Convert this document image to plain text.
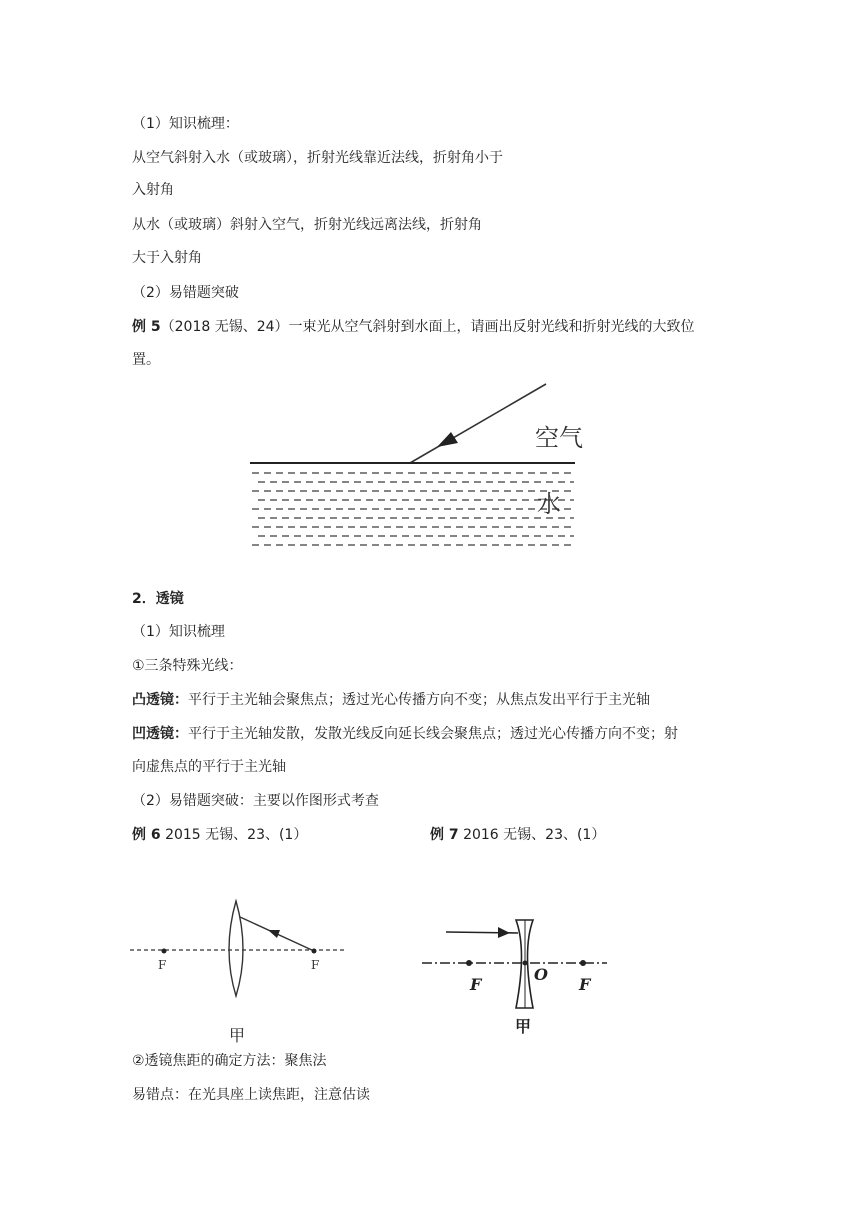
（1）知识梳理：
从空气斜射入水（或玻璃），折射光线靠近法线，折射角小于
入射角
从水（或玻璃）斜射入空气，折射光线远离法线，折射角
大于入射角
（2）易错题突破
例 5（2018 无锡、24）一束光从空气斜射到水面上，请画出反射光线和折射光线的大致位
置。
空气
水
2．透镜
（1）知识梳理
①三条特殊光线：
凸透镜：平行于主光轴会聚焦点；透过光心传播方向不变；从焦点发出平行于主光轴
凹透镜：平行于主光轴发散，发散光线反向延长线会聚焦点；透过光心传播方向不变；射
向虚焦点的平行于主光轴
（2）易错题突破：主要以作图形式考查
例 6 2015 无锡、23、(1）	例 7 2016 无锡、23、(1）
F	F
甲
F
O
F
甲
②透镜焦距的确定方法：聚焦法
易错点：在光具座上读焦距，注意估读
